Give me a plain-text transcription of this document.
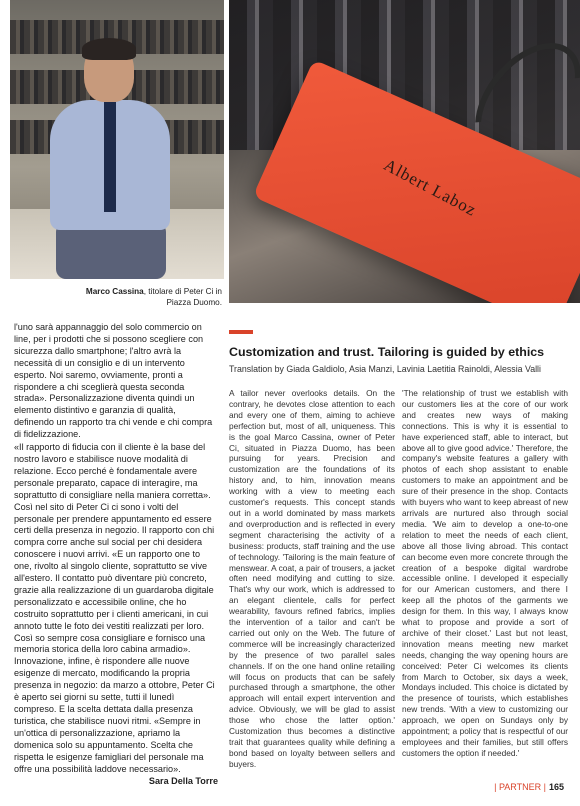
Albert Laboz
Marco Cassina, titolare di Peter Ci in Piazza Duomo.

l'uno sarà appannaggio del solo commercio on line, per i prodotti che si possono scegliere con sicurezza dallo smartphone; l'altro avrà la necessità di un consiglio e di un intervento esperto. Noi saremo, ovviamente, pronti a rispondere a chi sceglierà questa seconda strada». Personalizzazione diventa quindi un elemento distintivo e garanzia di qualità, definendo un rapporto tra chi vende e chi compra di fidelizzazione.

«Il rapporto di fiducia con il cliente è la base del nostro lavoro e stabilisce nuove modalità di relazione. Ecco perché è fondamentale avere personale preparato, capace di interagire, ma soprattutto di consigliare nella maniera corretta». Così nel sito di Peter Ci ci sono i volti del personale per prendere appuntamento ed essere certi della presenza in negozio. Il rapporto con chi compra corre anche sul social per chi desidera conoscere i nuovi arrivi. «E un rapporto one to one, rivolto al singolo cliente, soprattutto se vive all'estero. Il contatto può diventare più concreto, grazie alla realizzazione di un guardaroba digitale personalizzato e accessibile online, che ho costruito soprattutto per i clienti americani, in cui annoto tutte le foto dei vestiti realizzati per loro. Così so sempre cosa consigliare e fornisco una memoria storica della loro cabina armadio». Innovazione, infine, è rispondere alle nuove esigenze di mercato, modificando la propria presenza in negozio: da marzo a ottobre, Peter Ci è aperto sei giorni su sette, tutti il lunedì compreso. E la scelta dettata dalla presenza turistica, che stabilisce nuovi ritmi. «Sempre in un'ottica di personalizzazione, apriamo la domenica solo su appuntamento. Scelta che rispetta le esigenze famigliari del personale ma offre una possibilità laddove necessario».

Sara Della Torre
Customization and trust. Tailoring is guided by ethics
Translation by Giada Galdiolo, Asia Manzi, Lavinia Laetitia Rainoldi, Alessia Valli
A tailor never overlooks details. On the contrary, he devotes close attention to each and every one of them, aiming to achieve perfection but, most of all, uniqueness. This is the goal Marco Cassina, owner of Peter Ci, situated in Piazza Duomo, has been pursuing for years. Precision and customization are the foundations of its history and, to him, innovation means working with a view to meeting each customer's requests. This concept stands out in a world dominated by mass markets and overproduction and is reflected in every segment characterising the activity of a business: products, staff training and the use of technology. 'Tailoring is the main feature of menswear. A coat, a pair of trousers, a jacket often need modifying and cutting to size. That's why our work, which is addressed to an elegant clientele, calls for perfect wearability, favours refined fabrics, implies the intervention of a tailor and can't be carried out only on the Web. The future of commerce will be increasingly characterized by the presence of two parallel sales channels. If on the one hand online retailing will focus on products that can be safely purchased through a smartphone, the other approach will entail expert intervention and advice. Obviously, we will be glad to assist those who chose the latter option.' Customization thus becomes a distinctive trait that guarantees quality while defining a bond based on loyalty between sellers and buyers.
'The relationship of trust we establish with our customers lies at the core of our work and creates new ways of making connections. This is why it is essential to have experienced staff, able to interact, but above all to give good advice.' Therefore, the company's website features a gallery with photos of each shop assistant to enable customers to make an appointment and be sure of their presence in the shop. Contacts with buyers who want to keep abreast of new arrivals are nurtured also through social media. 'We aim to develop a one-to-one relation to meet the needs of each client, above all those living abroad. This contact can become even more concrete through the creation of a bespoke digital wardrobe accessible online. I developed it especially for our American customers, and there I keep all the photos of the garments we design for them. In this way, I always know what to propose and provide a sort of archive of their closet.' Last but not least, innovation means meeting new market needs, changing the way opening hours are conceived: Peter Ci welcomes its clients from March to October, six days a week, Mondays included. This choice is dictated by the presence of tourists, which establishes new trends. 'With a view to customizing our approach, we open on Sundays only by appointment; a policy that is respectful of our employees and their families, but still offers customers the option if needed.'
| PARTNER | 165
